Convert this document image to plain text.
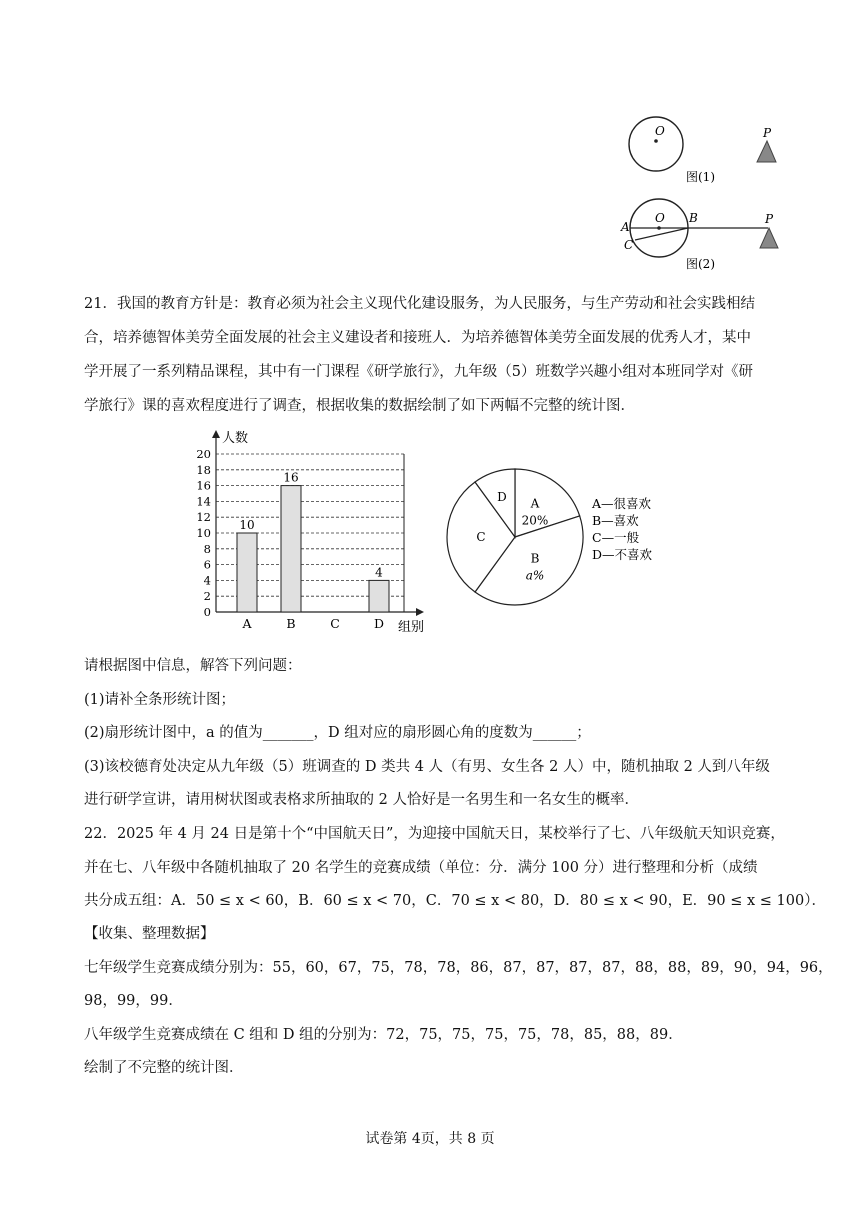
O	P
图(1)
O
A
B
C
P
图(2)

21．我国的教育方针是：教育必须为社会主义现代化建设服务，为人民服务，与生产劳动和社会实践相结

合，培养德智体美劳全面发展的社会主义建设者和接班人．为培养德智体美劳全面发展的优秀人才，某中

学开展了一系列精品课程，其中有一门课程《研学旅行》，九年级（5）班数学兴趣小组对本班同学对《研

学旅行》课的喜欢程度进行了调查，根据收集的数据绘制了如下两幅不完整的统计图．

人数
组别
0
2
4
6
8
10
12
14
16
18
20
10
16
4
A	B	C	D
A
20%
B
a%
C
D	A—很喜欢
B—喜欢
C—一般
D—不喜欢

请根据图中信息，解答下列问题：

(1)请补全条形统计图；

(2)扇形统计图中，a 的值为_______，D 组对应的扇形圆心角的度数为______；

(3)该校德育处决定从九年级（5）班调查的 D 类共 4 人（有男、女生各 2 人）中，随机抽取 2 人到八年级

进行研学宣讲，请用树状图或表格求所抽取的 2 人恰好是一名男生和一名女生的概率．

22．2025 年 4 月 24 日是第十个“中国航天日”，为迎接中国航天日，某校举行了七、八年级航天知识竞赛，

并在七、八年级中各随机抽取了 20 名学生的竞赛成绩（单位：分．满分 100 分）进行整理和分析（成绩

共分成五组：A．50 ≤ x < 60，B．60 ≤ x < 70，C．70 ≤ x < 80，D．80 ≤ x < 90，E．90 ≤ x ≤ 100）．

【收集、整理数据】

七年级学生竞赛成绩分别为：55，60，67，75，78，78，86，87，87，87，87，88，88，89，90，94，96，

98，99，99．

八年级学生竞赛成绩在 C 组和 D 组的分别为：72，75，75，75，75，78，85，88，89．

绘制了不完整的统计图．

试卷第 4页，共 8 页
